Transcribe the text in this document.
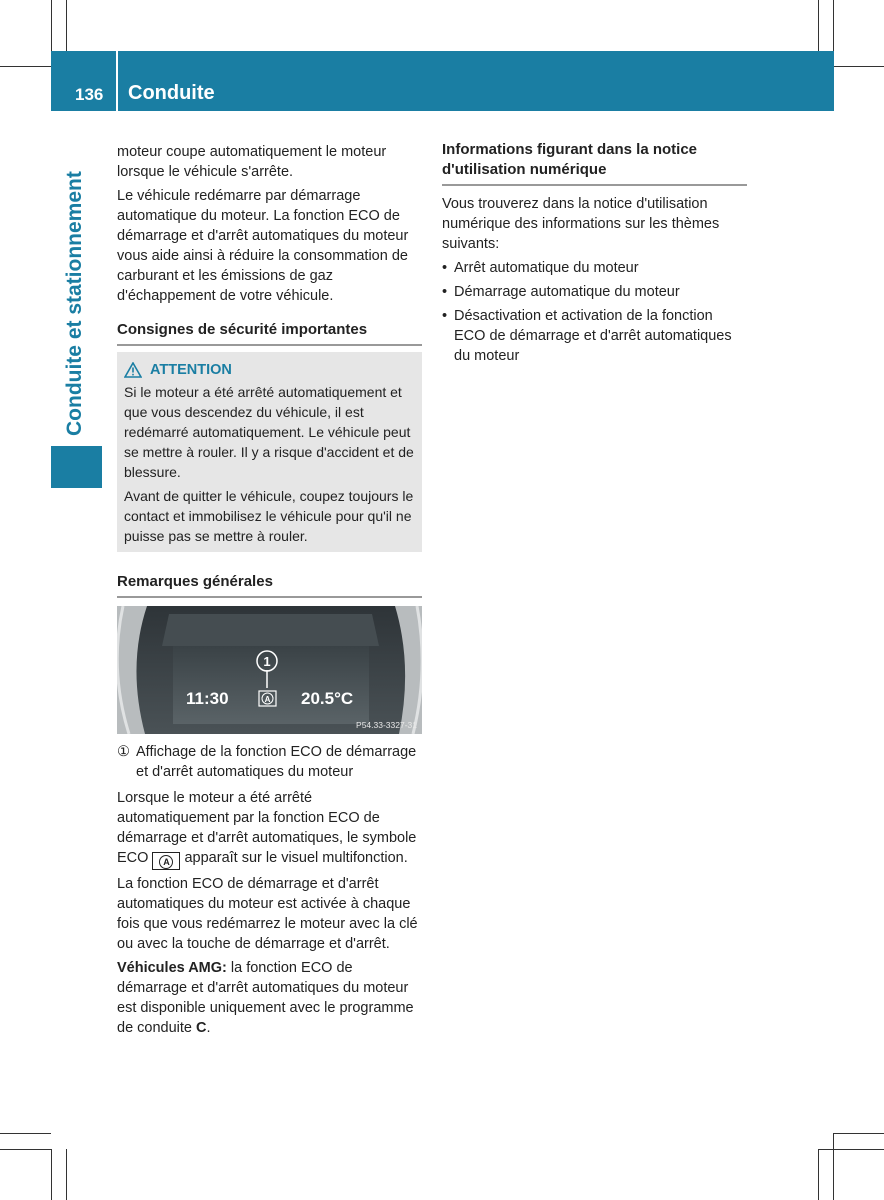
136 Conduite
Conduite et stationnement

moteur coupe automatiquement le moteur lorsque le véhicule s'arrête.

Le véhicule redémarre par démarrage automatique du moteur. La fonction ECO de démarrage et d'arrêt automatiques du moteur vous aide ainsi à réduire la consommation de carburant et les émissions de gaz d'échappement de votre véhicule.

Consignes de sécurité importantes
ATTENTION

Si le moteur a été arrêté automatiquement et que vous descendez du véhicule, il est redémarré automatiquement. Le véhicule peut se mettre à rouler. Il y a risque d'accident et de blessure.

Avant de quitter le véhicule, coupez toujours le contact et immobilisez le véhicule pour qu'il ne puisse pas se mettre à rouler.

Remarques générales
1
11:30	A 20.5°C
P54.33-3327-31
① Affichage de la fonction ECO de démarrage et d'arrêt automatiques du moteur

Lorsque le moteur a été arrêté automatiquement par la fonction ECO de démarrage et d'arrêt automatiques, le symbole ECO A apparaît sur le visuel multifonction.

La fonction ECO de démarrage et d'arrêt automatiques du moteur est activée à chaque fois que vous redémarrez le moteur avec la clé ou avec la touche de démarrage et d'arrêt.

Véhicules AMG: la fonction ECO de démarrage et d'arrêt automatiques du moteur est disponible uniquement avec le programme de conduite C.

Informations figurant dans la notice d'utilisation numérique

Vous trouverez dans la notice d'utilisation numérique des informations sur les thèmes suivants:

• Arrêt automatique du moteur
• Démarrage automatique du moteur
• Désactivation et activation de la fonction ECO de démarrage et d'arrêt automatiques du moteur
